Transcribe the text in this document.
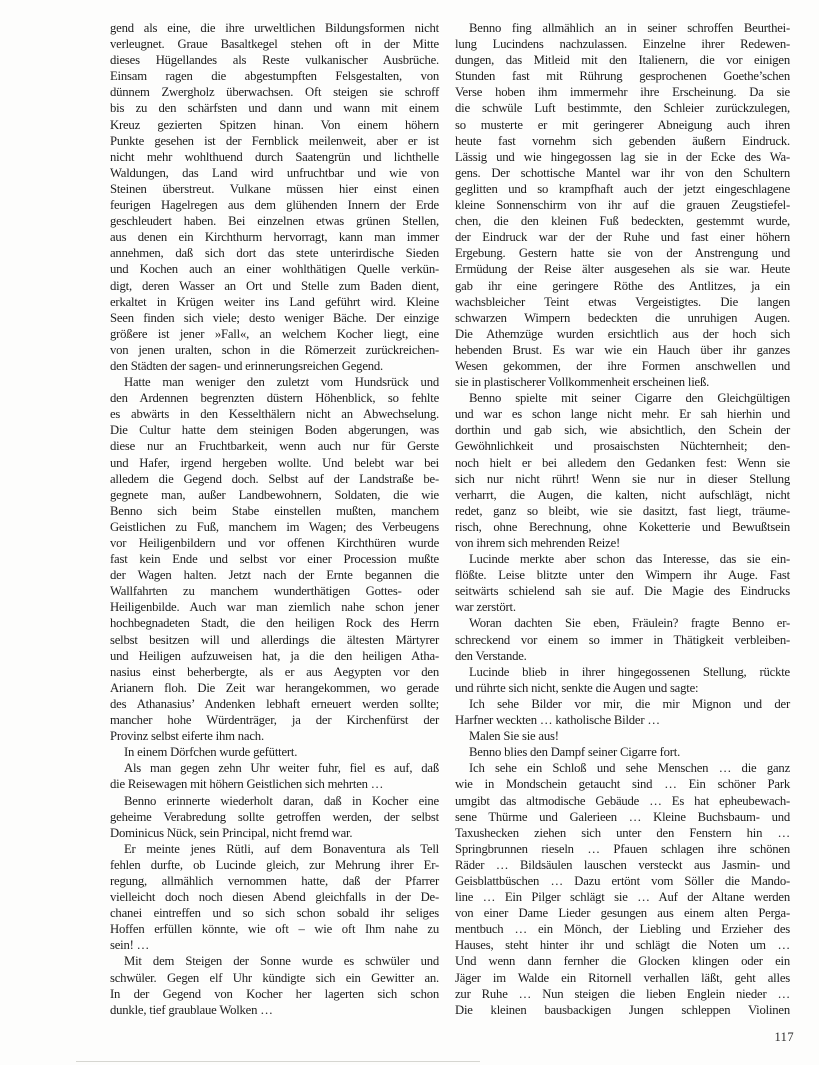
gend als eine, die ihre urweltlichen Bildungsformen nicht
verleugnet. Graue Basaltkegel stehen oft in der Mitte
dieses Hügellandes als Reste vulkanischer Ausbrüche.
Einsam ragen die abgestumpften Felsgestalten, von
dünnem Zwergholz überwachsen. Oft steigen sie schroff
bis zu den schärfsten und dann und wann mit einem
Kreuz gezierten Spitzen hinan. Von einem höhern
Punkte gesehen ist der Fernblick meilenweit, aber er ist
nicht mehr wohlthuend durch Saatengrün und lichthelle
Waldungen, das Land wird unfruchtbar und wie von
Steinen überstreut. Vulkane müssen hier einst einen
feurigen Hagelregen aus dem glühenden Innern der Erde
geschleudert haben. Bei einzelnen etwas grünen Stellen,
aus denen ein Kirchthurm hervorragt, kann man immer
annehmen, daß sich dort das stete unterirdische Sieden
und Kochen auch an einer wohlthätigen Quelle verkün-
digt, deren Wasser an Ort und Stelle zum Baden dient,
erkaltet in Krügen weiter ins Land geführt wird. Kleine
Seen finden sich viele; desto weniger Bäche. Der einzige
größere ist jener »Fall«, an welchem Kocher liegt, eine
von jenen uralten, schon in die Römerzeit zurückreichen-
den Städten der sagen- und erinnerungsreichen Gegend.
Hatte man weniger den zuletzt vom Hundsrück und
den Ardennen begrenzten düstern Höhenblick, so fehlte
es abwärts in den Kesselthälern nicht an Abwechselung.
Die Cultur hatte dem steinigen Boden abgerungen, was
diese nur an Fruchtbarkeit, wenn auch nur für Gerste
und Hafer, irgend hergeben wollte. Und belebt war bei
alledem die Gegend doch. Selbst auf der Landstraße be-
gegnete man, außer Landbewohnern, Soldaten, die wie
Benno sich beim Stabe einstellen mußten, manchem
Geistlichen zu Fuß, manchem im Wagen; des Verbeugens
vor Heiligenbildern und vor offenen Kirchthüren wurde
fast kein Ende und selbst vor einer Procession mußte
der Wagen halten. Jetzt nach der Ernte begannen die
Wallfahrten zu manchem wunderthätigen Gottes- oder
Heiligenbilde. Auch war man ziemlich nahe schon jener
hochbegnadeten Stadt, die den heiligen Rock des Herrn
selbst besitzen will und allerdings die ältesten Märtyrer
und Heiligen aufzuweisen hat, ja die den heiligen Atha-
nasius einst beherbergte, als er aus Aegypten vor den
Arianern floh. Die Zeit war herangekommen, wo gerade
des Athanasius’ Andenken lebhaft erneuert werden sollte;
mancher hohe Würdenträger, ja der Kirchenfürst der
Provinz selbst eiferte ihm nach.
In einem Dörfchen wurde gefüttert.
Als man gegen zehn Uhr weiter fuhr, fiel es auf, daß
die Reisewagen mit höhern Geistlichen sich mehrten …
Benno erinnerte wiederholt daran, daß in Kocher eine
geheime Verabredung sollte getroffen werden, der selbst
Dominicus Nück, sein Principal, nicht fremd war.
Er meinte jenes Rütli, auf dem Bonaventura als Tell
fehlen durfte, ob Lucinde gleich, zur Mehrung ihrer Er-
regung, allmählich vernommen hatte, daß der Pfarrer
vielleicht doch noch diesen Abend gleichfalls in der De-
chanei eintreffen und so sich schon sobald ihr seliges
Hoffen erfüllen könnte, wie oft – wie oft Ihm nahe zu
sein! …
Mit dem Steigen der Sonne wurde es schwüler und
schwüler. Gegen elf Uhr kündigte sich ein Gewitter an.
In der Gegend von Kocher her lagerten sich schon
dunkle, tief graublaue Wolken …
Benno fing allmählich an in seiner schroffen Beurthei-
lung Lucindens nachzulassen. Einzelne ihrer Redewen-
dungen, das Mitleid mit den Italienern, die vor einigen
Stunden fast mit Rührung gesprochenen Goethe’schen
Verse hoben ihm immermehr ihre Erscheinung. Da sie
die schwüle Luft bestimmte, den Schleier zurückzulegen,
so musterte er mit geringerer Abneigung auch ihren
heute fast vornehm sich gebenden äußern Eindruck.
Lässig und wie hingegossen lag sie in der Ecke des Wa-
gens. Der schottische Mantel war ihr von den Schultern
geglitten und so krampfhaft auch der jetzt eingeschlagene
kleine Sonnenschirm von ihr auf die grauen Zeugstiefel-
chen, die den kleinen Fuß bedeckten, gestemmt wurde,
der Eindruck war der der Ruhe und fast einer höhern
Ergebung. Gestern hatte sie von der Anstrengung und
Ermüdung der Reise älter ausgesehen als sie war. Heute
gab ihr eine geringere Röthe des Antlitzes, ja ein
wachsbleicher Teint etwas Vergeistigtes. Die langen
schwarzen Wimpern bedeckten die unruhigen Augen.
Die Athemzüge wurden ersichtlich aus der hoch sich
hebenden Brust. Es war wie ein Hauch über ihr ganzes
Wesen gekommen, der ihre Formen anschwellen und
sie in plastischerer Vollkommenheit erscheinen ließ.
Benno spielte mit seiner Cigarre den Gleichgültigen
und war es schon lange nicht mehr. Er sah hierhin und
dorthin und gab sich, wie absichtlich, den Schein der
Gewöhnlichkeit und prosaischsten Nüchternheit; den-
noch hielt er bei alledem den Gedanken fest: Wenn sie
sich nur nicht rührt! Wenn sie nur in dieser Stellung
verharrt, die Augen, die kalten, nicht aufschlägt, nicht
redet, ganz so bleibt, wie sie dasitzt, fast liegt, träume-
risch, ohne Berechnung, ohne Koketterie und Bewußtsein
von ihrem sich mehrenden Reize!
Lucinde merkte aber schon das Interesse, das sie ein-
flößte. Leise blitzte unter den Wimpern ihr Auge. Fast
seitwärts schielend sah sie auf. Die Magie des Eindrucks
war zerstört.
Woran dachten Sie eben, Fräulein? fragte Benno er-
schreckend vor einem so immer in Thätigkeit verbleiben-
den Verstande.
Lucinde blieb in ihrer hingegossenen Stellung, rückte
und rührte sich nicht, senkte die Augen und sagte:
Ich sehe Bilder vor mir, die mir Mignon und der
Harfner weckten … katholische Bilder …
Malen Sie sie aus!
Benno blies den Dampf seiner Cigarre fort.
Ich sehe ein Schloß und sehe Menschen … die ganz
wie in Mondschein getaucht sind … Ein schöner Park
umgibt das altmodische Gebäude … Es hat epheubewach-
sene Thürme und Galerieen … Kleine Buchsbaum- und
Taxushecken ziehen sich unter den Fenstern hin …
Springbrunnen rieseln … Pfauen schlagen ihre schönen
Räder … Bildsäulen lauschen versteckt aus Jasmin- und
Geisblattbüschen … Dazu ertönt vom Söller die Mando-
line … Ein Pilger schlägt sie … Auf der Altane werden
von einer Dame Lieder gesungen aus einem alten Perga-
mentbuch … ein Mönch, der Liebling und Erzieher des
Hauses, steht hinter ihr und schlägt die Noten um …
Und wenn dann fernher die Glocken klingen oder ein
Jäger im Walde ein Ritornell verhallen läßt, geht alles
zur Ruhe … Nun steigen die lieben Englein nieder …
Die kleinen bausbackigen Jungen schleppen Violinen
117
